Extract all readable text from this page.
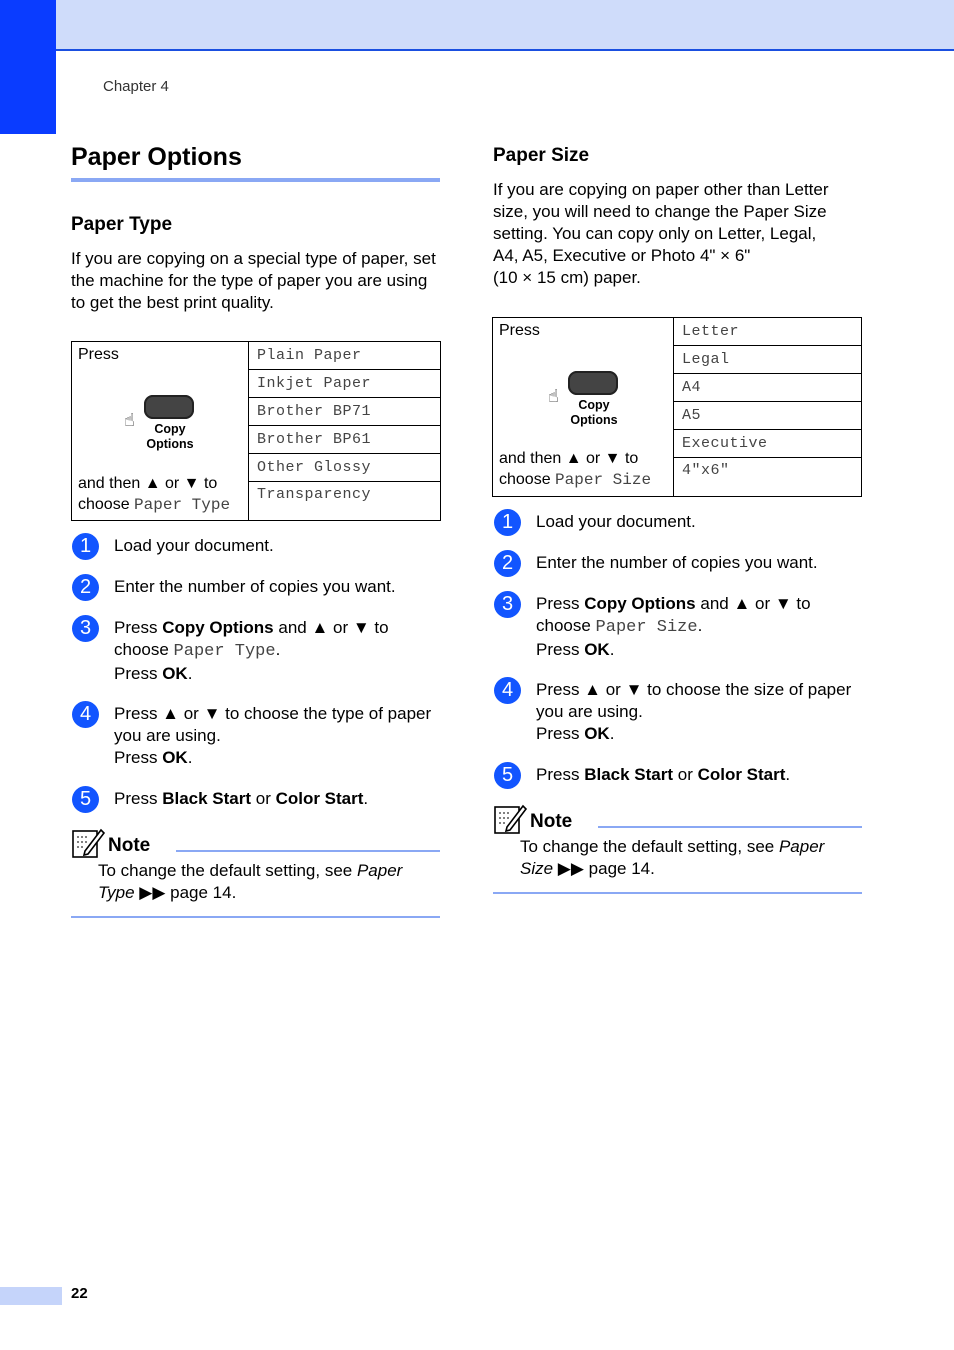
Chapter 4
Paper Options
Paper Type

If you are copying on a special type of paper, set the machine for the type of paper you are using to get the best print quality.

Press
☝	Copy
Options
and then ▲ or ▼ to
choose Paper Type
	Plain Paper
Inkjet Paper
Brother BP71
Brother BP61
Other Glossy
Transparency
1	Load your document.
2	Enter the number of copies you want.
3	Press Copy Options and ▲ or ▼ to
choose Paper Type.
Press OK.
4	Press ▲ or ▼ to choose the type of paper
you are using.
Press OK.
5	Press Black Start or Color Start.
Note
To change the default setting, see Paper
Type ▶▶ page 14.
Paper Size

If you are copying on paper other than Letter
size, you will need to change the Paper Size
setting. You can copy only on Letter, Legal,
A4, A5, Executive or Photo 4" × 6"
(10 × 15 cm) paper.

Press
☝	Copy
Options
and then ▲ or ▼ to
choose Paper Size
	Letter
Legal
A4
A5
Executive
4"x6"
1	Load your document.
2	Enter the number of copies you want.
3	Press Copy Options and ▲ or ▼ to
choose Paper Size.
Press OK.
4	Press ▲ or ▼ to choose the size of paper
you are using.
Press OK.
5	Press Black Start or Color Start.
Note
To change the default setting, see Paper
Size ▶▶ page 14.
22
